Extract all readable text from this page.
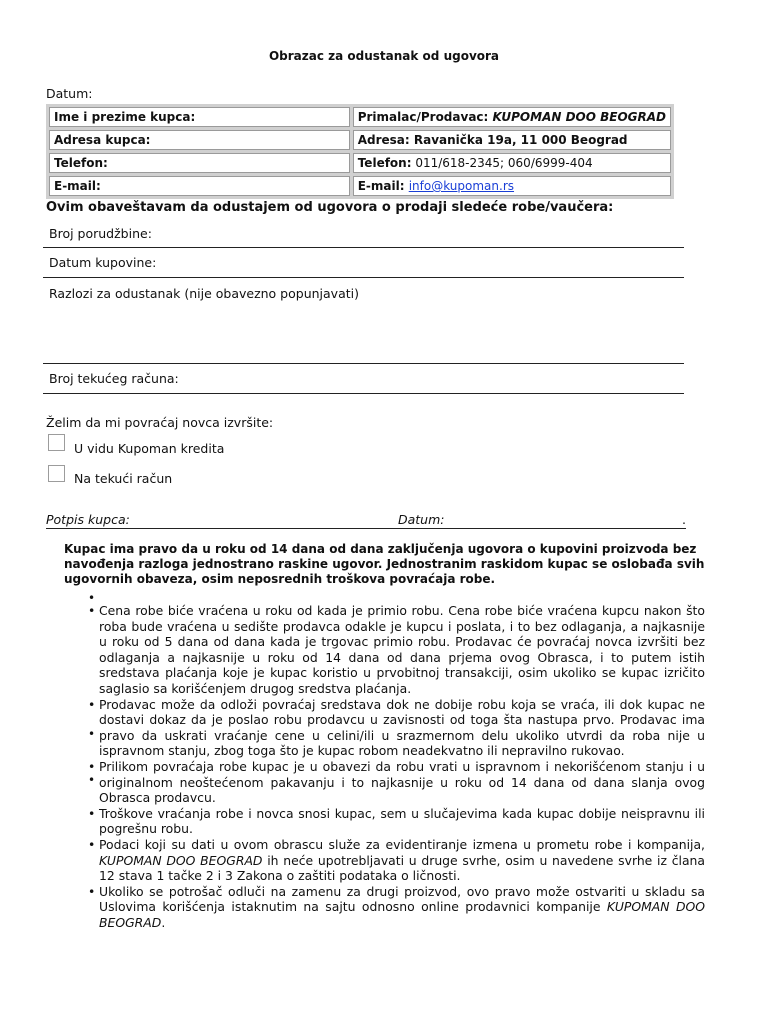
Obrazac za odustanak od ugovora
Datum:
Ime i prezime kupca:	Primalac/Prodavac: KUPOMAN DOO BEOGRAD
Adresa kupca:	Adresa: Ravanička 19a, 11 000 Beograd
Telefon:	Telefon: 011/618-2345; 060/6999-404
E-mail:	E-mail: info@kupoman.rs
Ovim obaveštavam da odustajem od ugovora o prodaji sledeće robe/vaučera:
Broj porudžbine:
Datum kupovine:
Razlozi za odustanak (nije obavezno popunjavati)
Broj tekućeg računa:
Želim da mi povraćaj novca izvršite:
U vidu Kupoman kredita
Na tekući račun
Potpis kupca:	Datum:	.
Kupac ima pravo da u roku od 14 dana od dana zaključenja ugovora o kupovini proizvoda bez navođenja razloga jednostrano raskine ugovor. Jednostranim raskidom kupac se oslobađa svih ugovornih obaveza, osim neposrednih troškova povraćaja robe.
•
•
•
• Cena robe biće vraćena u roku od kada je primio robu. Cena robe biće vraćena kupcu nakon što roba bude vraćena u sedište prodavca odakle je kupcu i poslata, i to bez odlaganja, a najkasnije u roku od 5 dana od dana kada je trgovac primio robu. Prodavac će povraćaj novca izvršiti bez odlaganja a najkasnije u roku od 14 dana od dana prjema ovog Obrasca, i to putem istih sredstava plaćanja koje je kupac koristio u prvobitnoj transakciji, osim ukoliko se kupac izričito saglasio sa korišćenjem drugog sredstva plaćanja.
• Prodavac može da odloži povraćaj sredstava dok ne dobije robu koja se vraća, ili dok kupac ne dostavi dokaz da je poslao robu prodavcu u zavisnosti od toga šta nastupa prvo. Prodavac ima pravo da uskrati vraćanje cene u celini/ili u srazmernom delu ukoliko utvrdi da roba nije u ispravnom stanju, zbog toga što je kupac robom neadekvatno ili nepravilno rukovao.
• Prilikom povraćaja robe kupac je u obavezi da robu vrati u ispravnom i nekorišćenom stanju i u originalnom neoštećenom pakavanju i to najkasnije u roku od 14 dana od dana slanja ovog Obrasca prodavcu.
• Troškove vraćanja robe i novca snosi kupac, sem u slučajevima kada kupac dobije neispravnu ili pogrešnu robu.
• Podaci koji su dati u ovom obrascu služe za evidentiranje izmena u prometu robe i kompanija, KUPOMAN DOO BEOGRAD ih neće upotrebljavati u druge svrhe, osim u navedene svrhe iz člana 12 stava 1 tačke 2 i 3 Zakona o zaštiti podataka o ličnosti.
• Ukoliko se potrošač odluči na zamenu za drugi proizvod, ovo pravo može ostvariti u skladu sa Uslovima korišćenja istaknutim na sajtu odnosno online prodavnici kompanije KUPOMAN DOO BEOGRAD.
